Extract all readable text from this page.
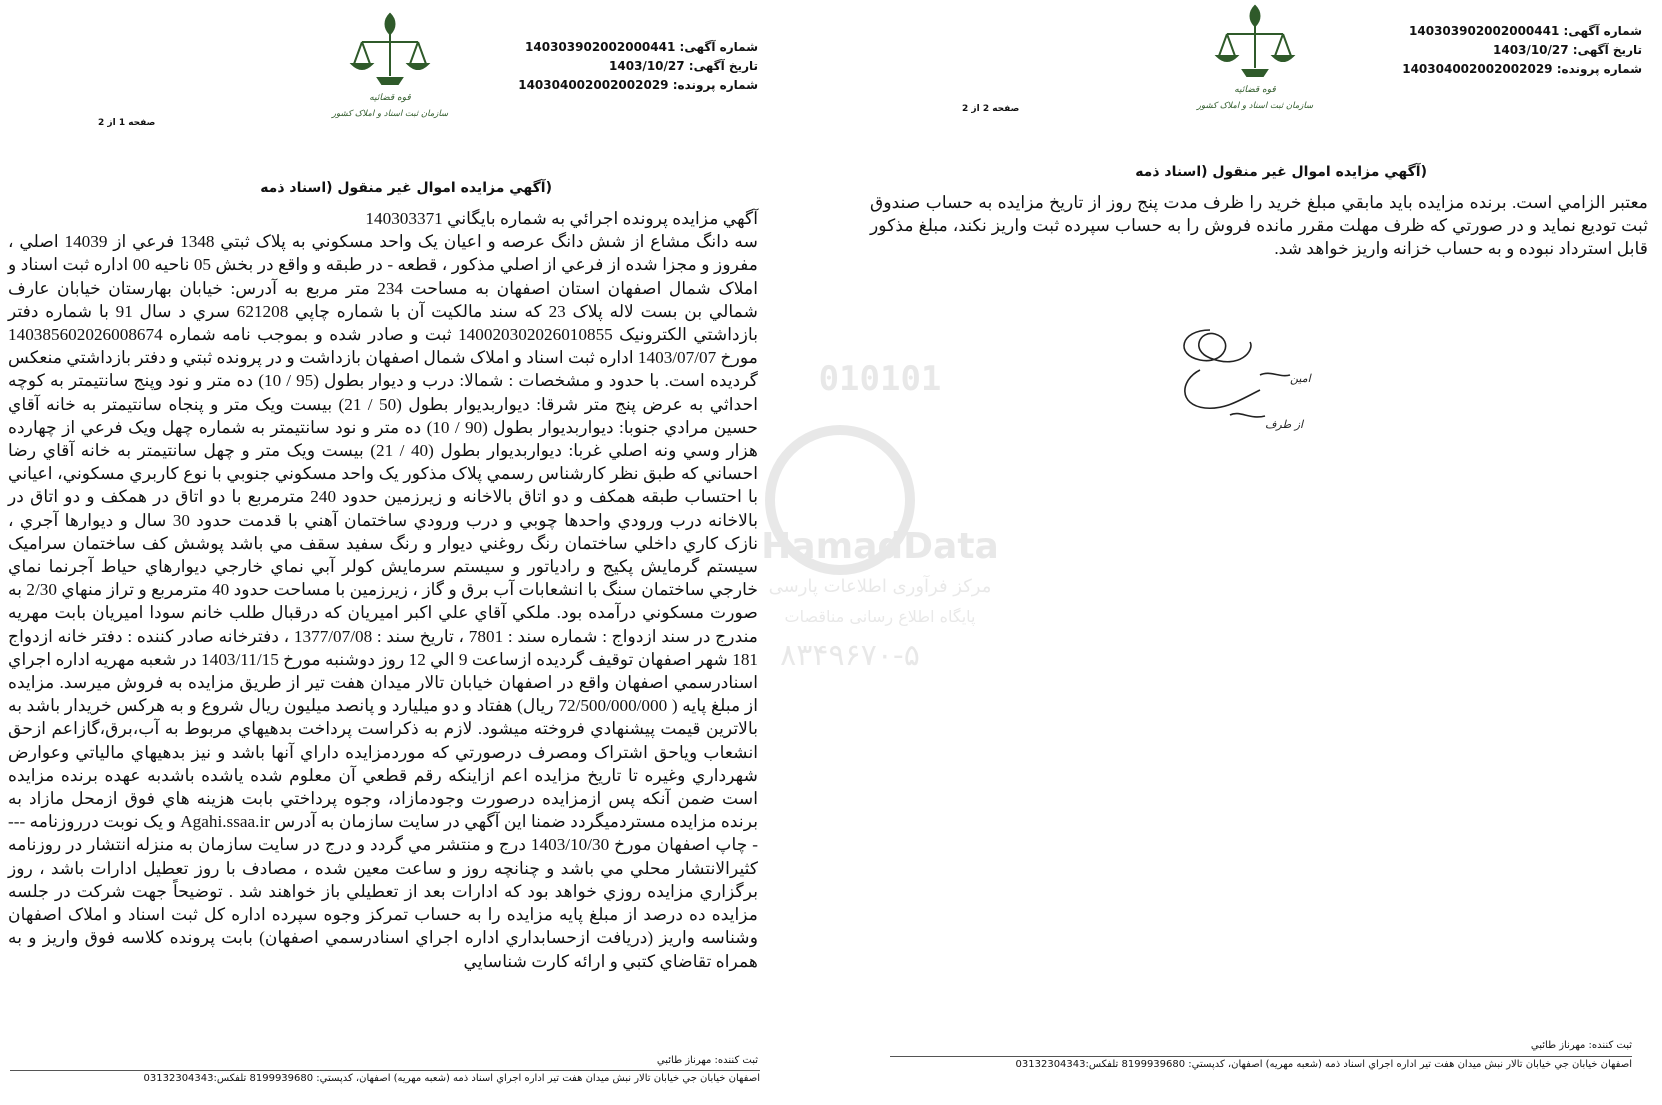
قوه قضائیه
سازمان ثبت اسناد و املاک کشور
شماره آگهی: 140303902002000441
تاریخ آگهی: 1403/10/27
شماره پرونده: 140304002002002029
صفحه 1 از 2
(آگهي مزايده اموال غير منقول (اسناد ذمه
آگهي مزايده پرونده اجرائي به شماره بايگاني 140303371
سه دانگ مشاع از شش دانگ عرصه و اعيان يک واحد مسکوني به پلاک ثبتي 1348 فرعي از 14039 اصلي ، مفروز و مجزا شده از فرعي از اصلي مذکور ، قطعه - در طبقه و واقع در بخش 05 ناحيه 00 اداره ثبت اسناد و املاک شمال اصفهان استان اصفهان به مساحت 234 متر مربع به آدرس: خيابان بهارستان خيابان عارف شمالي بن بست لاله پلاک 23 که سند مالکيت آن با شماره چاپي 621208 سري د سال 91 با شماره دفتر بازداشتي الکترونيک 140020302026010855 ثبت و صادر شده و بموجب نامه شماره 140385602026008674 مورخ 1403/07/07 اداره ثبت اسناد و املاک شمال اصفهان بازداشت و در پرونده ثبتي و دفتر بازداشتي منعکس گرديده است. با حدود و مشخصات : شمالا: درب و ديوار بطول (95 / 10) ده متر و نود وپنج سانتيمتر به کوچه احداثي به عرض پنج متر شرقا: ديواربديوار بطول (50 / 21) بيست ويک متر و پنجاه سانتيمتر به خانه آقاي حسين مرادي جنوبا: ديواربديوار بطول (90 / 10) ده متر و نود سانتيمتر به شماره چهل ويک فرعي از چهارده هزار وسي ونه اصلي غربا: ديواربديوار بطول (40 / 21) بيست ويک متر و چهل سانتيمتر به خانه آقاي رضا احساني که طبق نظر کارشناس رسمي پلاک مذکور يک واحد مسکوني جنوبي با نوع کاربري مسکوني، اعياني با احتساب طبقه همکف و دو اتاق بالاخانه و زيرزمين حدود 240 مترمربع با دو اتاق در همکف و دو اتاق در بالاخانه درب ورودي واحدها چوبي و درب ورودي ساختمان آهني با قدمت حدود 30 سال و ديوارها آجري ، نازک کاري داخلي ساختمان رنگ روغني ديوار و رنگ سفيد سقف مي باشد پوشش کف ساختمان سراميک سيستم گرمايش پکيج و راديا‌تور و سيستم سرمايش کولر آبي نماي خارجي ديوارهاي حياط آجرنما نماي خارجي ساختمان سنگ با انشعابات آب برق و گاز ، زيرزمين با مساحت حدود 40 مترمربع و تراز منهاي 2/30 به صورت مسکوني درآمده بود. ملکي آقاي علي اکبر اميريان که درقبال طلب خانم سودا اميريان بابت مهريه مندرج در سند ازدواج : شماره سند : 7801 ، تاريخ سند : 1377/07/08 ، دفترخانه صادر کننده : دفتر خانه ازدواج 181 شهر اصفهان توقيف گرديده ازساعت 9 الي 12 روز دوشنبه مورخ 1403/11/15 در شعبه مهريه اداره اجراي اسنادرسمي اصفهان واقع در اصفهان خيابان تالار ميدان هفت تير از طريق مزايده به فروش ميرسد. مزايده از مبلغ پايه ( 72/500/000/000 ريال) هفتاد و دو ميليارد و پانصد ميليون ريال شروع و به هرکس خريدار باشد به بالاترين قيمت پيشنهادي فروخته ميشود. لازم به ذکراست پرداخت بدهيهاي مربوط به آب،برق،گازاعم ازحق انشعاب وياحق اشتراک ومصرف درصورتي که موردمزايده داراي آنها باشد و نيز بدهيهاي مالياتي وعوارض شهرداري وغيره تا تاريخ مزايده اعم ازاينکه رقم قطعي آن معلوم شده ياشده باشدبه عهده برنده مزايده است ضمن آنکه پس ازمزايده درصورت وجودمازاد، وجوه پرداختي بابت هزينه هاي فوق ازمحل مازاد به برنده مزايده مستردميگردد ضمنا اين آگهي در سايت سازمان به آدرس Agahi.ssaa.ir و يک نوبت درروزنامه ---- چاپ اصفهان مورخ 1403/10/30 درج و منتشر مي گردد و درج در سايت سازمان به منزله انتشار در روزنامه کثيرالانتشار محلي مي باشد و چنانچه روز و ساعت معين شده ، مصادف با روز تعطيل ادارات باشد ، روز برگزاري مزايده روزي خواهد بود که ادارات بعد از تعطيلي باز خواهند شد . توضيحاً جهت شرکت در جلسه مزايده ده درصد از مبلغ پايه مزايده را به حساب تمرکز وجوه سپرده اداره کل ثبت اسناد و املاک اصفهان وشناسه واريز (دريافت ازحسابداري اداره اجراي اسنادرسمي اصفهان) بابت پرونده کلاسه فوق واريز و به همراه تقاضاي کتبي و ارائه کارت شناسايي
ثبت کننده: مهرناز طائبي
اصفهان خيابان جي خيابان تالار نبش ميدان هفت تير اداره اجراي اسناد ذمه (شعبه مهريه) اصفهان، کدپستي: 8199939680 تلفکس:03132304343
010101
HamadData
مرکز فرآوری اطلاعات پارسی
پایگاه اطلاع رسانی مناقصات
۸۳۴۹۶۷۰-۵
قوه قضائیه
سازمان ثبت اسناد و املاک کشور
شماره آگهی: 140303902002000441
تاریخ آگهی: 1403/10/27
شماره پرونده: 140304002002002029
صفحه 2 از 2
(آگهي مزايده اموال غير منقول (اسناد ذمه
معتبر الزامي است. برنده مزايده بايد مابقي مبلغ خريد را ظرف مدت پنج روز از تاريخ مزايده به حساب صندوق ثبت توديع نمايد و در صورتي که ظرف مهلت مقرر مانده فروش را به حساب سپرده ثبت واريز نکند، مبلغ مذکور قابل استرداد نبوده و به حساب خزانه واريز خواهد شد.
امین
از طرف
ثبت کننده: مهرناز طائبي
اصفهان خيابان جي خيابان تالار نبش ميدان هفت تير اداره اجراي اسناد ذمه (شعبه مهريه) اصفهان، کدپستي: 8199939680 تلفکس:03132304343
